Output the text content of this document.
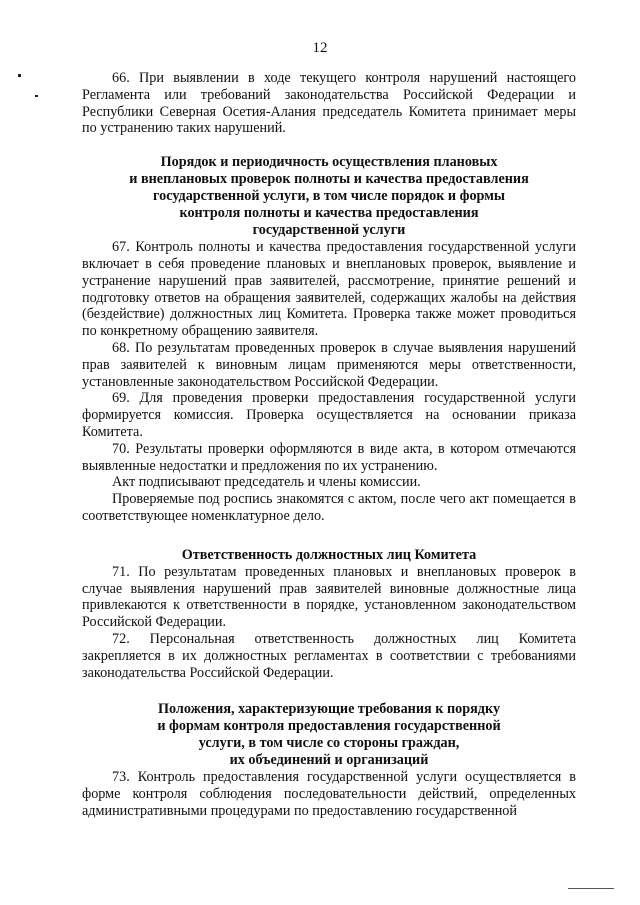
12

66. При выявлении в ходе текущего контроля нарушений настоящего Регламента или требований законодательства Российской Федерации и Республики Северная Осетия-Алания председатель Комитета принимает меры по устранению таких нарушений.

Порядок и периодичность осуществления плановых
и внеплановых проверок полноты и качества предоставления
государственной услуги, в том числе порядок и формы
контроля полноты и качества предоставления
государственной услуги

67. Контроль полноты и качества предоставления государственной услуги включает в себя проведение плановых и внеплановых проверок, выявление и устранение нарушений прав заявителей, рассмотрение, принятие решений и подготовку ответов на обращения заявителей, содержащих жалобы на действия (бездействие) должностных лиц Комитета. Проверка также может проводиться по конкретному обращению заявителя.

68. По результатам проведенных проверок в случае выявления нарушений прав заявителей к виновным лицам применяются меры ответственности, установленные законодательством Российской Федерации.

69. Для проведения проверки предоставления государственной услуги формируется комиссия. Проверка осуществляется на основании приказа Комитета.

70. Результаты проверки оформляются в виде акта, в котором отмечаются выявленные недостатки и предложения по их устранению.

Акт подписывают председатель и члены комиссии.

Проверяемые под роспись знакомятся с актом, после чего акт помещается в соответствующее номенклатурное дело.

Ответственность должностных лиц Комитета

71. По результатам проведенных плановых и внеплановых проверок в случае выявления нарушений прав заявителей виновные должностные лица привлекаются к ответственности в порядке, установленном законодательством Российской Федерации.

72. Персональная ответственность должностных лиц Комитета закрепляется в их должностных регламентах в соответствии с требованиями законодательства Российской Федерации.

Положения, характеризующие требования к порядку
и формам контроля предоставления государственной
услуги, в том числе со стороны граждан,
их объединений и организаций

73. Контроль предоставления государственной услуги осуществляется в форме контроля соблюдения последовательности действий, определенных административными процедурами по предоставлению государственной
